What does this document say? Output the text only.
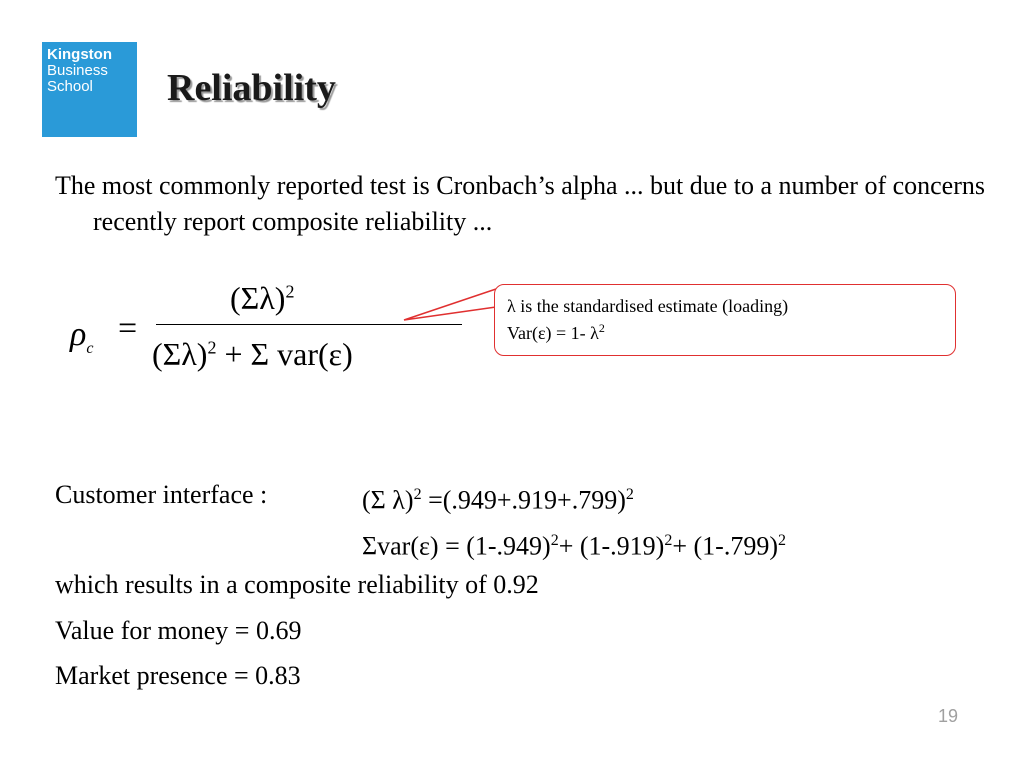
Kingston
Business
School	Reliability
The most commonly reported test is Cronbach’s alpha ... but due to a number of concerns recently report composite reliability ...
$\rho_c$
=
$(\Sigma\lambda)^2$
$(\Sigma\lambda)^2 + \Sigma$ var(ε)
λ is the standardised estimate (loading)
Var(ε) = 1- $\lambda^2$
Customer interface :	(Σ $\lambda)^2 =(.949+.919+.799)^2$
$\Sigma var(\varepsilon) = (1-.949)^2+ (1-.919)^2+ (1-.799)^2$
which results in a composite reliability of 0.92
Value for money = 0.69
Market presence = 0.83
19
